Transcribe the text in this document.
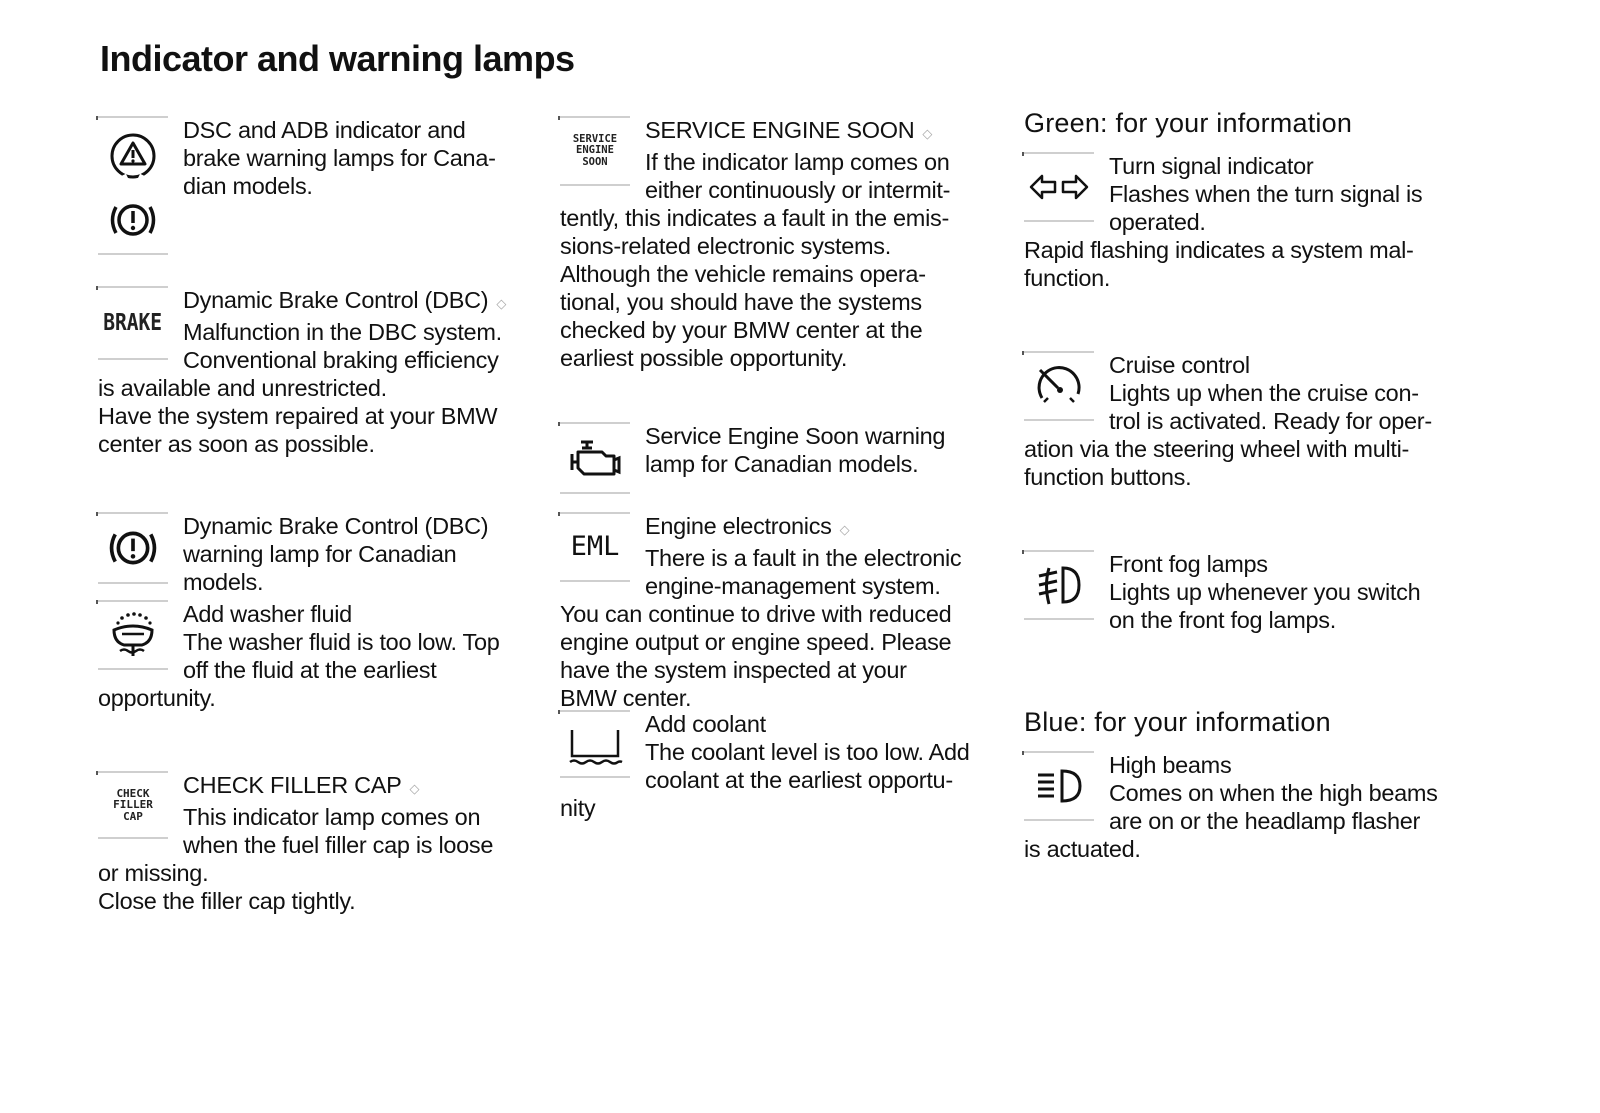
Indicator and warning lamps
DSC and ADB indicator and
brake warning lamps for Cana-
dian models.
BRAKE
Dynamic Brake Control (DBC) ◇
Malfunction in the DBC system.
Conventional braking efficiency
is available and unrestricted.
Have the system repaired at your BMW
center as soon as possible.
Dynamic Brake Control (DBC)
warning lamp for Canadian
models.
Add washer fluid
The washer fluid is too low. Top
off the fluid at the earliest
opportunity.
CHECK
FILLER
CAP
CHECK FILLER CAP ◇
This indicator lamp comes on
when the fuel filler cap is loose
or missing.
Close the filler cap tightly.
SERVICE
ENGINE
SOON
SERVICE ENGINE SOON ◇
If the indicator lamp comes on
either continuously or intermit-
tently, this indicates a fault in the emis-
sions-related electronic systems.
Although the vehicle remains opera-
tional, you should have the systems
checked by your BMW center at the
earliest possible opportunity.
Service Engine Soon warning
lamp for Canadian models.
EML
Engine electronics ◇
There is a fault in the electronic
engine-management system.
You can continue to drive with reduced
engine output or engine speed. Please
have the system inspected at your
BMW center.
Add coolant
The coolant level is too low. Add
coolant at the earliest opportu-
nity
Green: for your information
Turn signal indicator
Flashes when the turn signal is
operated.
Rapid flashing indicates a system mal-
function.
Cruise control
Lights up when the cruise con-
trol is activated. Ready for oper-
ation via the steering wheel with multi-
function buttons.
Front fog lamps
Lights up whenever you switch
on the front fog lamps.
Blue: for your information
High beams
Comes on when the high beams
are on or the headlamp flasher
is actuated.
